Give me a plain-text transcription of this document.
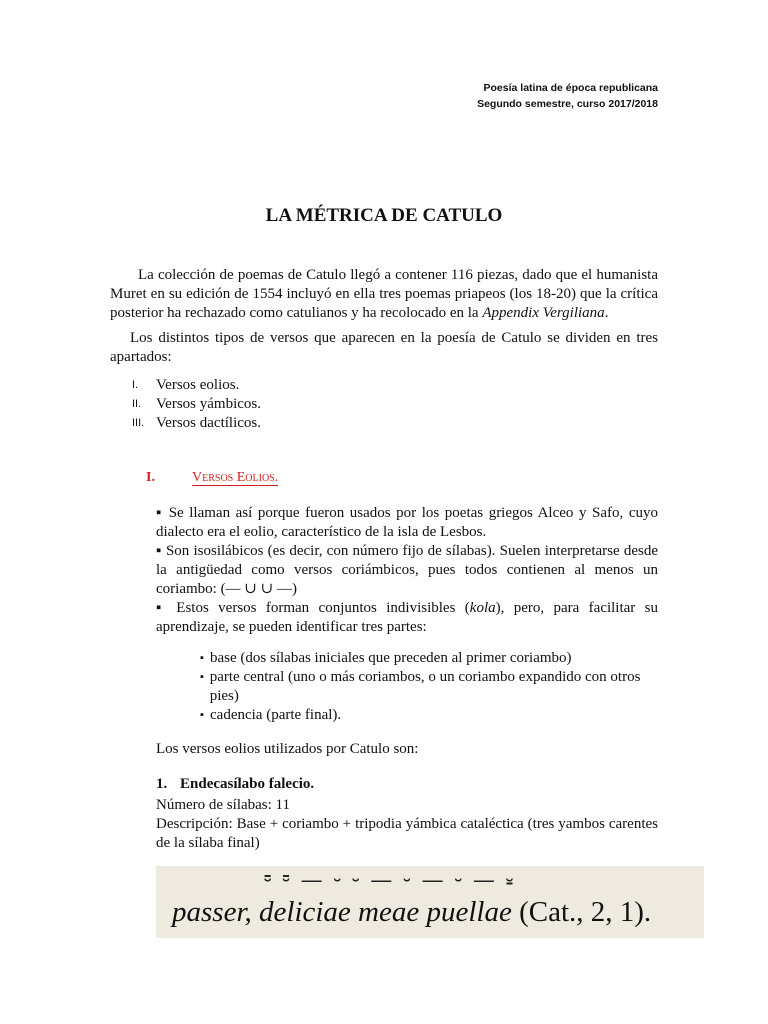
Poesía latina de época republicana
Segundo semestre, curso 2017/2018
LA MÉTRICA DE CATULO
La colección de poemas de Catulo llegó a contener 116 piezas, dado que el humanista Muret en su edición de 1554 incluyó en ella tres poemas priapeos (los 18-20) que la crítica posterior ha rechazado como catulianos y ha recolocado en la Appendix Vergiliana.
Los distintos tipos de versos que aparecen en la poesía de Catulo se dividen en tres apartados:
I.	Versos eolios.
II. Versos yámbicos.
III. Versos dactílicos.
I.	Versos Eolios.

▪ Se llaman así porque fueron usados por los poetas griegos Alceo y Safo, cuyo dialecto era el eolio, característico de la isla de Lesbos.

▪ Son isosilábicos (es decir, con número fijo de sílabas). Suelen interpretarse desde la antigüedad como versos coriámbicos, pues todos contienen al menos un coriambo: (— ∪ ∪ —)

▪ Estos versos forman conjuntos indivisibles (kola), pero, para facilitar su aprendizaje, se pueden identificar tres partes:

▪ base (dos sílabas iniciales que preceden al primer coriambo)
▪ parte central (uno o más coriambos, o un coriambo expandido con otros pies)
▪ cadencia (parte final).
Los versos eolios utilizados por Catulo son:
1. Endecasílabo falecio.

Número de sílabas: 11

Descripción: Base + coriambo + tripodia yámbica cataléctica (tres yambos carentes de la sílaba final)

⏒ ⏒ — ⏑ ⏑ — ⏑ — ⏑ — ⏓
passer, deliciae meae puellae (Cat., 2, 1).
